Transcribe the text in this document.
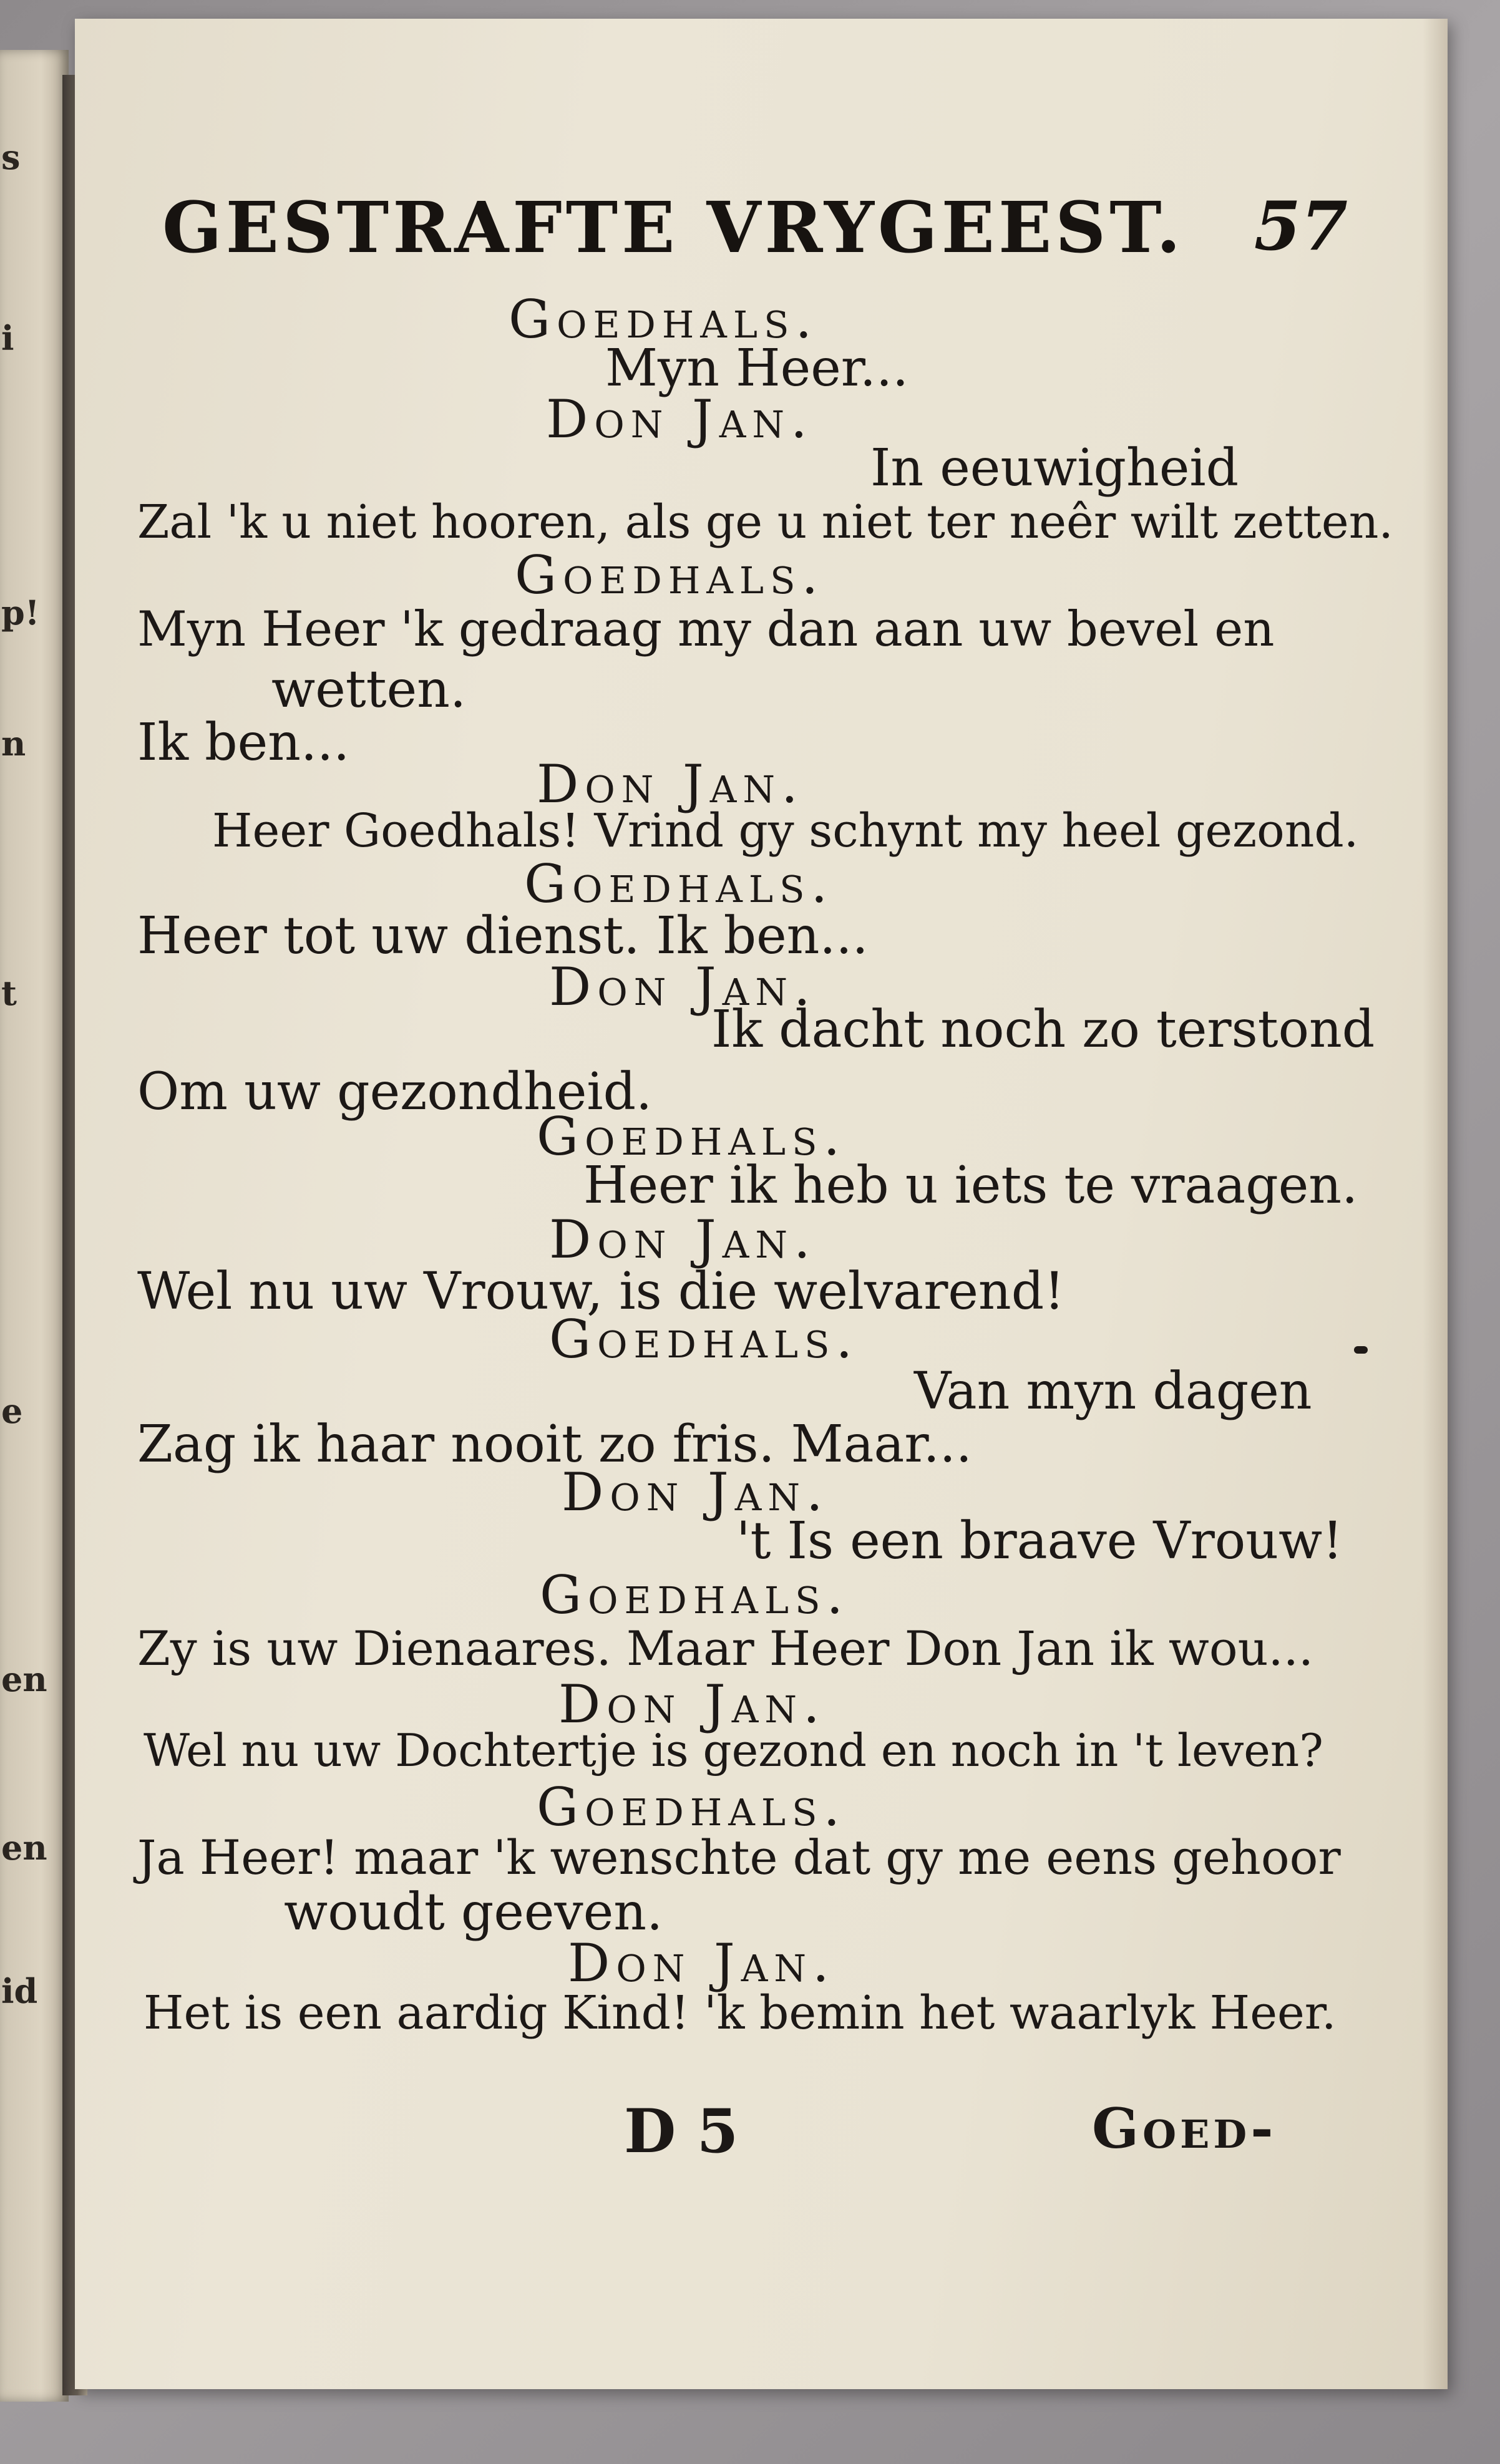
s
i
p!
n
t
e
en
en
id
GESTRAFTE VRYGEEST. 57
Goedhals.
Myn Heer...
Don Jan.
In eeuwigheid
Zal 'k u niet hooren, als ge u niet ter neêr wilt zetten.
Goedhals.
Myn Heer 'k gedraag my dan aan uw bevel en
wetten.
Ik ben...
Don Jan.
Heer Goedhals! Vrind gy schynt my heel gezond.
Goedhals.
Heer tot uw dienst. Ik ben...
Don Jan.
Ik dacht noch zo terstond
Om uw gezondheid.
Goedhals.
Heer ik heb u iets te vraagen.
Don Jan.
Wel nu uw Vrouw, is die welvarend!
Goedhals.
Van myn dagen
Zag ik haar nooit zo fris. Maar...
Don Jan.
't Is een braave Vrouw!
Goedhals.
Zy is uw Dienaares. Maar Heer Don Jan ik wou...
Don Jan.
Wel nu uw Dochtertje is gezond en noch in 't leven?
Goedhals.
Ja Heer! maar 'k wenschte dat gy me eens gehoor
woudt geeven.
Don Jan.
Het is een aardig Kind! 'k bemin het waarlyk Heer.
D 5	Goed-
